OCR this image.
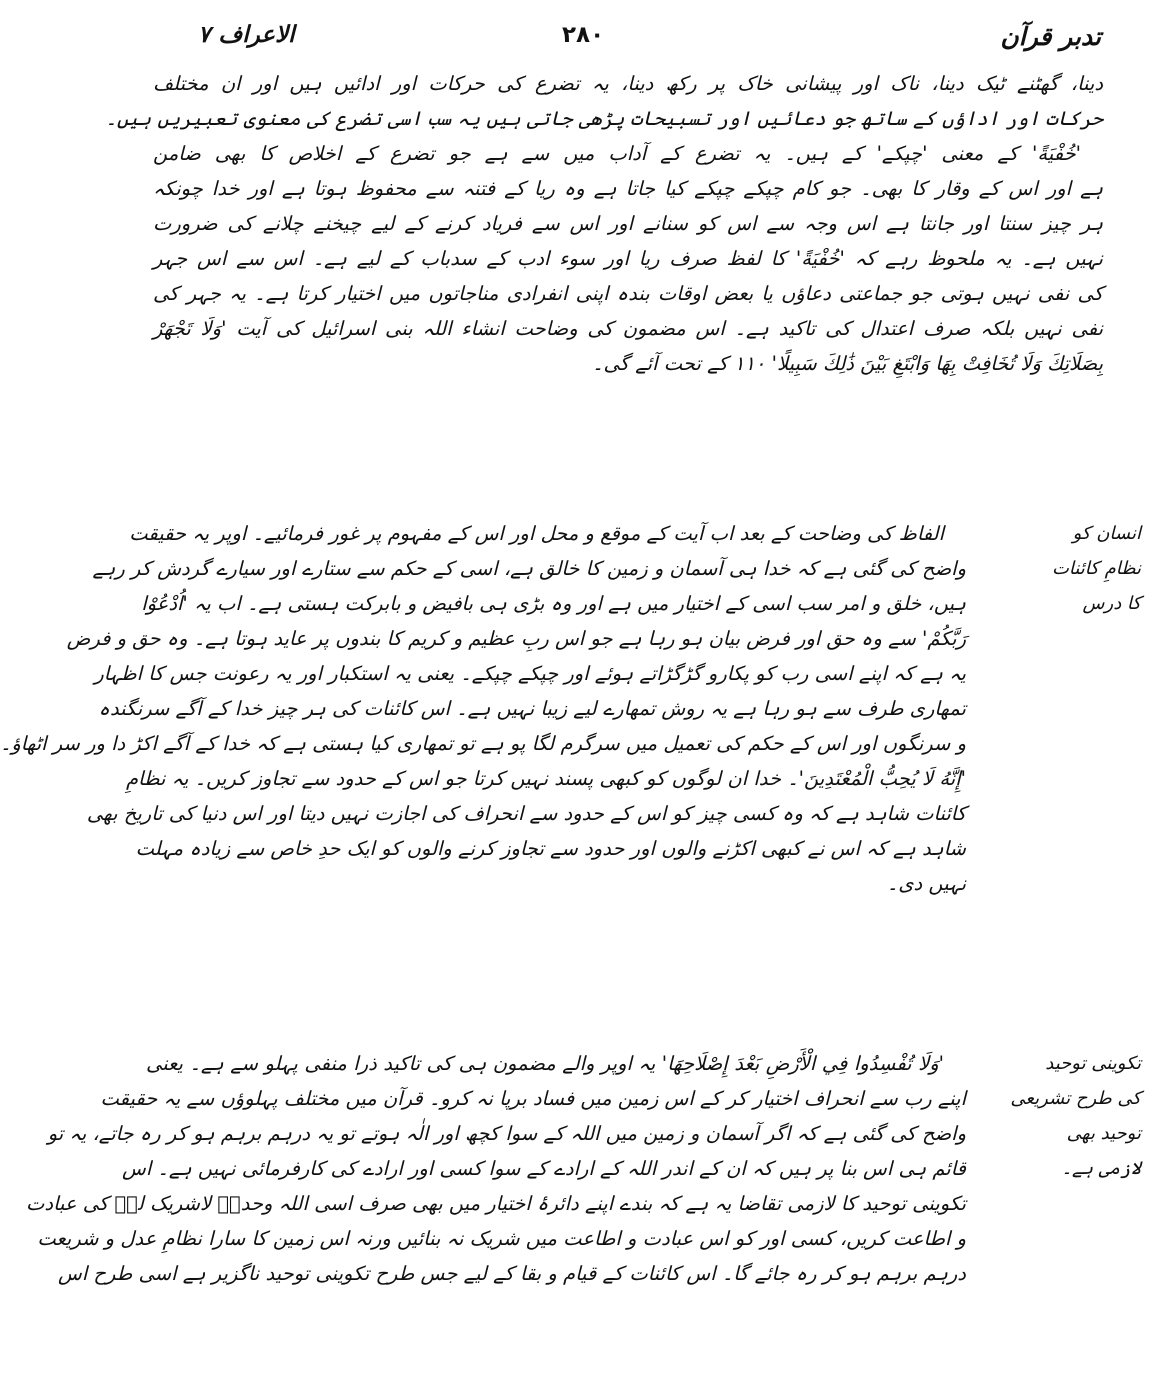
تدبر قرآن
۲۸۰
الاعراف ۷
دینا، گھٹنے ٹیک دینا، ناک اور پیشانی خاک پر رکھ دینا، یہ تضرع کی حرکات اور ادائیں ہیں اور ان مختلف
حرکات اور اداؤں کے ساتھ جو دعائیں اور تسبیحات پڑھی جاتی ہیں یہ سب اسی تضرع کی معنوی تعبیریں ہیں۔
'خُفْیَةً' کے معنی 'چپکے' کے ہیں۔ یہ تضرع کے آداب میں سے ہے جو تضرع کے اخلاص کا بھی ضامن
ہے اور اس کے وقار کا بھی۔ جو کام چپکے چپکے کیا جاتا ہے وہ ریا کے فتنہ سے محفوظ ہوتا ہے اور خدا چونکہ
ہر چیز سنتا اور جانتا ہے اس وجہ سے اس کو سنانے اور اس سے فریاد کرنے کے لیے چیخنے چلانے کی ضرورت
نہیں ہے۔ یہ ملحوظ رہے کہ 'خُفْیَةً' کا لفظ صرف ریا اور سوء ادب کے سدباب کے لیے ہے۔ اس سے اس جہر
کی نفی نہیں ہوتی جو جماعتی دعاؤں یا بعض اوقات بندہ اپنی انفرادی مناجاتوں میں اختیار کرتا ہے۔ یہ جہر کی
نفی نہیں بلکہ صرف اعتدال کی تاکید ہے۔ اس مضمون کی وضاحت انشاء اللہ بنی اسرائیل کی آیت 'وَلَا تَجْهَرْ
بِصَلَاتِكَ وَلَا تُخَافِتْ بِهَا وَابْتَغِ بَيْنَ ذَٰلِكَ سَبِيلًا' ۱۱۰ کے تحت آئے گی۔
انسان کو
نظامِ کائنات
کا درس
الفاظ کی وضاحت کے بعد اب آیت کے موقع و محل اور اس کے مفہوم پر غور فرمائیے۔ اوپر یہ حقیقت
واضح کی گئی ہے کہ خدا ہی آسمان و زمین کا خالق ہے، اسی کے حکم سے ستارے اور سیارے گردش کر رہے
ہیں، خلق و امر سب اسی کے اختیار میں ہے اور وہ بڑی ہی بافیض و بابرکت ہستی ہے۔ اب یہ 'اُدْعُوْا
رَبَّكُمْ' سے وہ حق اور فرض بیان ہو رہا ہے جو اس ربِ عظیم و کریم کا بندوں پر عاید ہوتا ہے۔ وہ حق و فرض
یہ ہے کہ اپنے اسی رب کو پکارو گڑگڑاتے ہوئے اور چپکے چپکے۔ یعنی یہ استکبار اور یہ رعونت جس کا اظہار
تمھاری طرف سے ہو رہا ہے یہ روش تمھارے لیے زیبا نہیں ہے۔ اس کائنات کی ہر چیز خدا کے آگے سرنگندہ
و سرنگوں اور اس کے حکم کی تعمیل میں سرگرم لگا پو ہے تو تمھاری کیا ہستی ہے کہ خدا کے آگے اکڑ دا ور سر اٹھاؤ۔
'إِنَّهُ لَا يُحِبُّ الْمُعْتَدِينَ'۔ خدا ان لوگوں کو کبھی پسند نہیں کرتا جو اس کے حدود سے تجاوز کریں۔ یہ نظامِ
کائنات شاہد ہے کہ وہ کسی چیز کو اس کے حدود سے انحراف کی اجازت نہیں دیتا اور اس دنیا کی تاریخ بھی
شاہد ہے کہ اس نے کبھی اکڑنے والوں اور حدود سے تجاوز کرنے والوں کو ایک حدِ خاص سے زیادہ مہلت
نہیں دی۔
تکوینی توحید
کی طرح تشریعی
توحید بھی
لازمی ہے۔
'وَلَا تُفْسِدُوا فِي الْأَرْضِ بَعْدَ إِصْلَاحِهَا' یہ اوپر والے مضمون ہی کی تاکید ذرا منفی پہلو سے ہے۔ یعنی
اپنے رب سے انحراف اختیار کر کے اس زمین میں فساد برپا نہ کرو۔ قرآن میں مختلف پہلوؤں سے یہ حقیقت
واضح کی گئی ہے کہ اگر آسمان و زمین میں اللہ کے سوا کچھ اور الٰہ ہوتے تو یہ درہم برہم ہو کر رہ جاتے، یہ تو
قائم ہی اس بنا پر ہیں کہ ان کے اندر اللہ کے ارادے کے سوا کسی اور ارادے کی کارفرمائی نہیں ہے۔ اس
تکوینی توحید کا لازمی تقاضا یہ ہے کہ بندے اپنے دائرۂ اختیار میں بھی صرف اسی اللہ وحدہٗ لاشریک لہٗ کی عبادت
و اطاعت کریں، کسی اور کو اس عبادت و اطاعت میں شریک نہ بنائیں ورنہ اس زمین کا سارا نظامِ عدل و شریعت
درہم برہم ہو کر رہ جائے گا۔ اس کائنات کے قیام و بقا کے لیے جس طرح تکوینی توحید ناگزیر ہے اسی طرح اس
